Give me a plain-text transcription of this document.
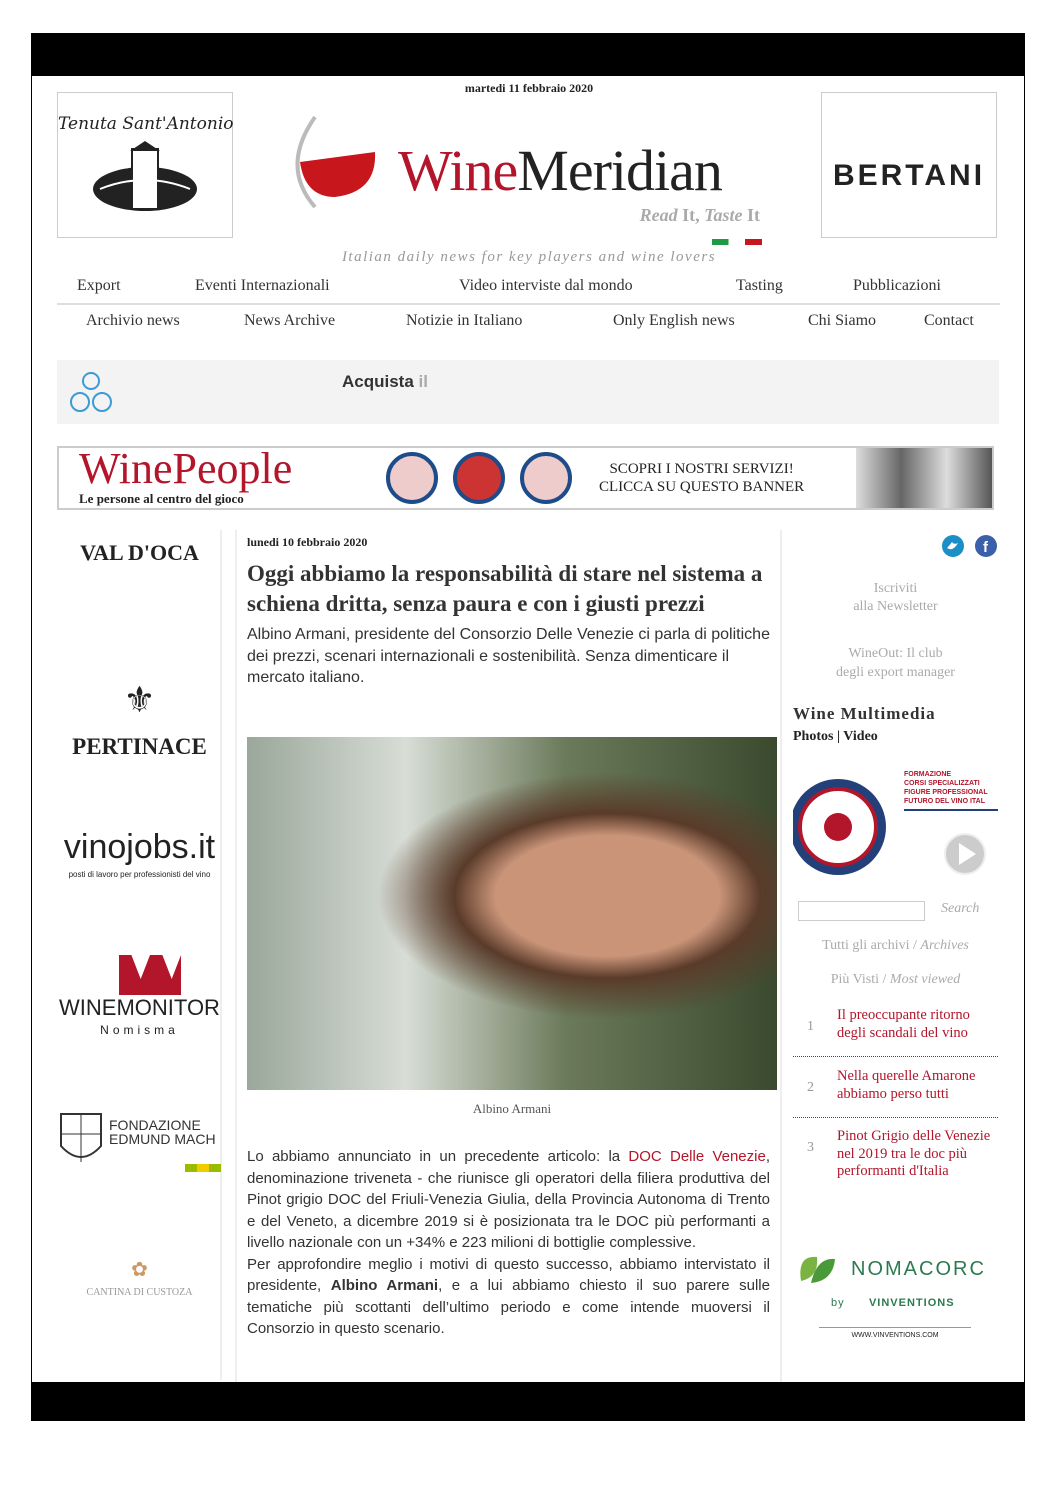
martedi 11 febbraio 2020
Tenuta Sant'Antonio
WineMeridian
Read It, Taste It
Italian daily news for key players and wine lovers
BERTANI
Export	Eventi Internazionali	Video interviste dal mondo	Tasting	Pubblicazioni
Archivio news	News Archive	Notizie in Italiano	Only English news	Chi Siamo	Contact
Acquista il
WinePeople
Le persone al centro del gioco
SCOPRI I NOSTRI SERVIZI!
CLICCA SU QUESTO BANNER
VAL D'OCA
⚜
PERTINACE
vinojobs.it
posti di lavoro per professionisti del vino
WINEMONITOR
Nomisma
FONDAZIONE EDMUND MACH
✿
CANTINA DI CUSTOZA
lunedi 10 febbraio 2020
Oggi abbiamo la responsabilità di stare nel sistema a schiena dritta, senza paura e con i giusti prezzi
Albino Armani, presidente del Consorzio Delle Venezie ci parla di politiche dei prezzi, scenari internazionali e sostenibilità. Senza dimenticare il mercato italiano.
Albino Armani

Lo abbiamo annunciato in un precedente articolo: la DOC Delle Venezie, denominazione triveneta - che riunisce gli operatori della filiera produttiva del Pinot grigio DOC del Friuli-Venezia Giulia, della Provincia Autonoma di Trento e del Veneto, a dicembre 2019 si è posizionata tra le DOC più performanti a livello nazionale con un +34% e 223 milioni di bottiglie complessive.

Per approfondire meglio i motivi di questo successo, abbiamo intervistato il presidente, Albino Armani, e a lui abbiamo chiesto il suo parere sulle tematiche più scottanti dell’ultimo periodo e come intende muoversi il Consorzio in questo scenario.

f
Iscriviti
alla Newsletter
WineOut: Il club
degli export manager
Wine Multimedia
Photos | Video
FORMAZIONE
CORSI SPECIALIZZATI
FIGURE PROFESSIONAL
FUTURO DEL VINO ITAL
Search
Tutti gli archivi / Archives
Più Visti / Most viewed
1
Il preoccupante ritorno degli scandali del vino
2
Nella querelle Amarone abbiamo perso tutti
3
Pinot Grigio delle Venezie nel 2019 tra le doc più performanti d'Italia
NOMACORC
by VINVENTIONS
WWW.VINVENTIONS.COM
